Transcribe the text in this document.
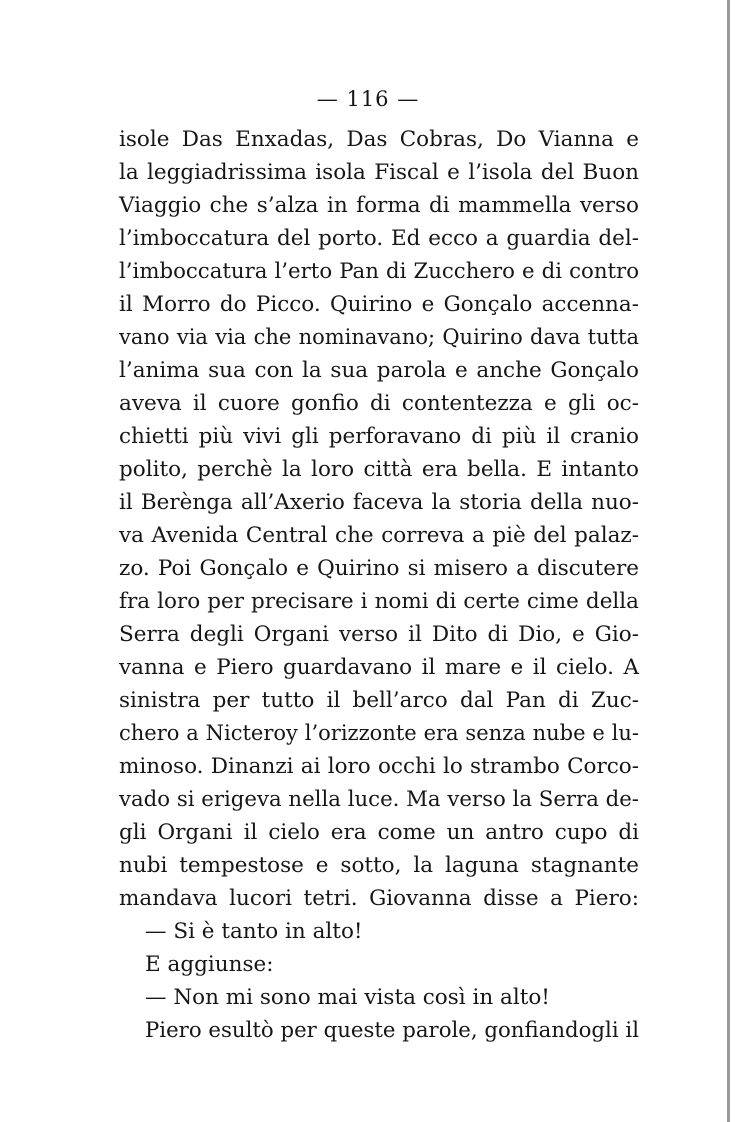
— 116 —
isole Das Enxadas, Das Cobras, Do Vianna e
la leggiadrissima isola Fiscal e l’isola del Buon
Viaggio che s’alza in forma di mammella verso
l’imboccatura del porto. Ed ecco a guardia del-
l’imboccatura l’erto Pan di Zucchero e di contro
il Morro do Picco. Quirino e Gonçalo accenna-
vano via via che nominavano; Quirino dava tutta
l’anima sua con la sua parola e anche Gonçalo
aveva il cuore gonfio di contentezza e gli oc-
chietti più vivi gli perforavano di più il cranio
polito, perchè la loro città era bella. E intanto
il Berènga all’Axerio faceva la storia della nuo-
va Avenida Central che correva a piè del palaz-
zo. Poi Gonçalo e Quirino si misero a discutere
fra loro per precisare i nomi di certe cime della
Serra degli Organi verso il Dito di Dio, e Gio-
vanna e Piero guardavano il mare e il cielo. A
sinistra per tutto il bell’arco dal Pan di Zuc-
chero a Nicteroy l’orizzonte era senza nube e lu-
minoso. Dinanzi ai loro occhi lo strambo Corco-
vado si erigeva nella luce. Ma verso la Serra de-
gli Organi il cielo era come un antro cupo di
nubi tempestose e sotto, la laguna stagnante
mandava lucori tetri. Giovanna disse a Piero:
— Si è tanto in alto!
E aggiunse:
— Non mi sono mai vista così in alto!
Piero esultò per queste parole, gonfiandogli il
